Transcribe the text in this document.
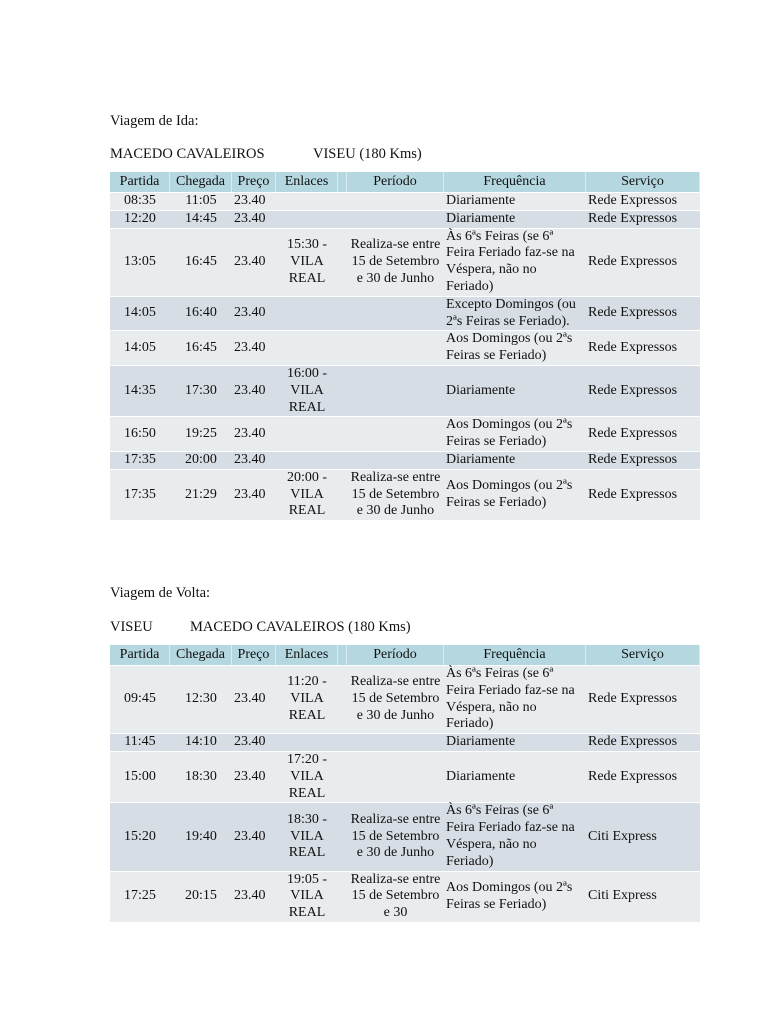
Viagem de Ida:
MACEDO CAVALEIROS	VISEU (180 Kms)
Partida	Chegada	Preço	Enlaces		Período	Frequência	Serviço
08:35	11:05	23.40				Diariamente	Rede Expressos
12:20	14:45	23.40				Diariamente	Rede Expressos
13:05	16:45	23.40	15:30 - VILA REAL		Realiza-se entre 15 de Setembro e 30 de Junho	Às 6ªs Feiras (se 6ª Feira Feriado faz-se na Véspera, não no Feriado)	Rede Expressos
14:05	16:40	23.40				Excepto Domingos (ou 2ªs Feiras se Feriado).	Rede Expressos
14:05	16:45	23.40				Aos Domingos (ou 2ªs Feiras se Feriado)	Rede Expressos
14:35	17:30	23.40	16:00 - VILA REAL			Diariamente	Rede Expressos
16:50	19:25	23.40				Aos Domingos (ou 2ªs Feiras se Feriado)	Rede Expressos
17:35	20:00	23.40				Diariamente	Rede Expressos
17:35	21:29	23.40	20:00 - VILA REAL		Realiza-se entre 15 de Setembro e 30 de Junho	Aos Domingos (ou 2ªs Feiras se Feriado)	Rede Expressos
Viagem de Volta:
VISEU	MACEDO CAVALEIROS (180 Kms)
Partida	Chegada	Preço	Enlaces		Período	Frequência	Serviço
09:45	12:30	23.40	11:20 - VILA REAL		Realiza-se entre 15 de Setembro e 30 de Junho	Às 6ªs Feiras (se 6ª Feira Feriado faz-se na Véspera, não no Feriado)	Rede Expressos
11:45	14:10	23.40				Diariamente	Rede Expressos
15:00	18:30	23.40	17:20 - VILA REAL			Diariamente	Rede Expressos
15:20	19:40	23.40	18:30 - VILA REAL		Realiza-se entre 15 de Setembro e 30 de Junho	Às 6ªs Feiras (se 6ª Feira Feriado faz-se na Véspera, não no Feriado)	Citi Express
17:25	20:15	23.40	19:05 - VILA REAL		Realiza-se entre 15 de Setembro e 30	Aos Domingos (ou 2ªs Feiras se Feriado)	Citi Express
